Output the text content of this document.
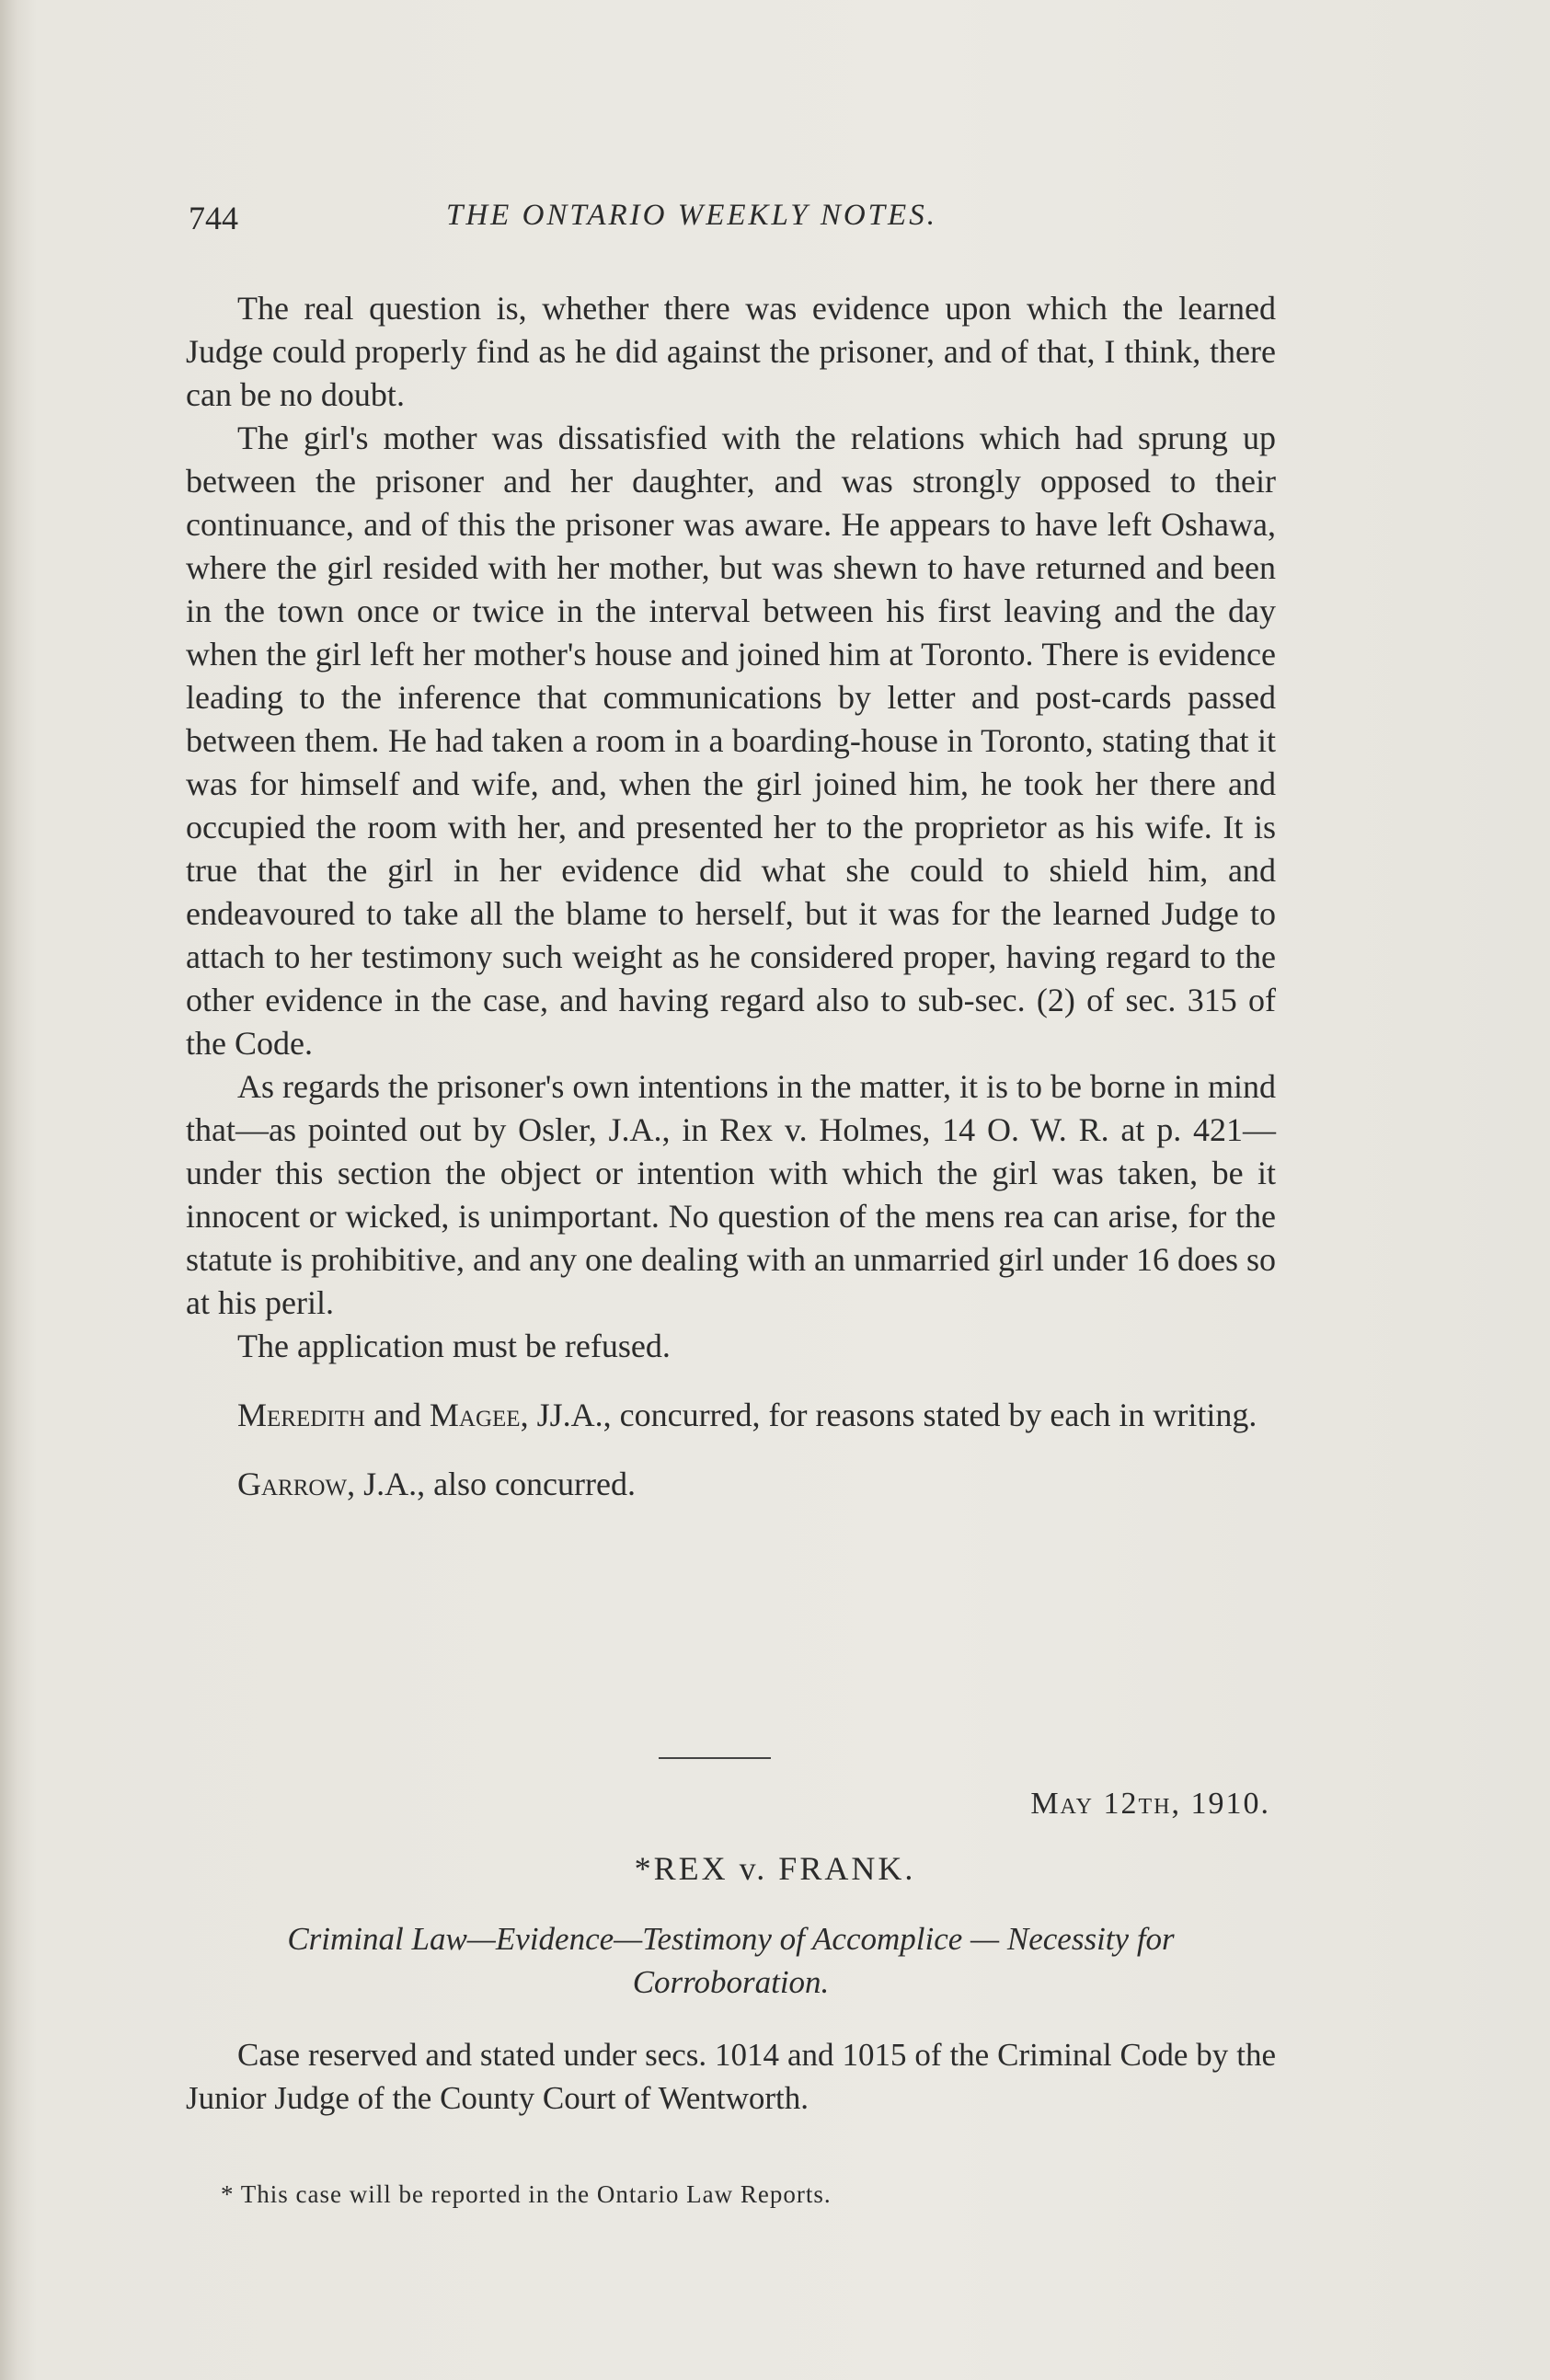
744	THE ONTARIO WEEKLY NOTES.

The real question is, whether there was evidence upon which the learned Judge could properly find as he did against the prisoner, and of that, I think, there can be no doubt.

The girl's mother was dissatisfied with the relations which had sprung up between the prisoner and her daughter, and was strongly opposed to their continuance, and of this the prisoner was aware. He appears to have left Oshawa, where the girl resided with her mother, but was shewn to have returned and been in the town once or twice in the interval between his first leaving and the day when the girl left her mother's house and joined him at Toronto. There is evidence leading to the inference that communications by letter and post-cards passed between them. He had taken a room in a boarding-house in Toronto, stating that it was for himself and wife, and, when the girl joined him, he took her there and occupied the room with her, and presented her to the proprietor as his wife. It is true that the girl in her evidence did what she could to shield him, and endeavoured to take all the blame to herself, but it was for the learned Judge to attach to her testimony such weight as he considered proper, having regard to the other evidence in the case, and having regard also to sub-sec. (2) of sec. 315 of the Code.

As regards the prisoner's own intentions in the matter, it is to be borne in mind that—as pointed out by Osler, J.A., in Rex v. Holmes, 14 O. W. R. at p. 421—under this section the object or intention with which the girl was taken, be it innocent or wicked, is unimportant. No question of the mens rea can arise, for the statute is prohibitive, and any one dealing with an unmarried girl under 16 does so at his peril.

The application must be refused.

Meredith and Magee, JJ.A., concurred, for reasons stated by each in writing.

Garrow, J.A., also concurred.

May 12th, 1910.
*REX v. FRANK.
Criminal Law—Evidence—Testimony of Accomplice — Necessity for Corroboration.

Case reserved and stated under secs. 1014 and 1015 of the Criminal Code by the Junior Judge of the County Court of Wentworth.

* This case will be reported in the Ontario Law Reports.
